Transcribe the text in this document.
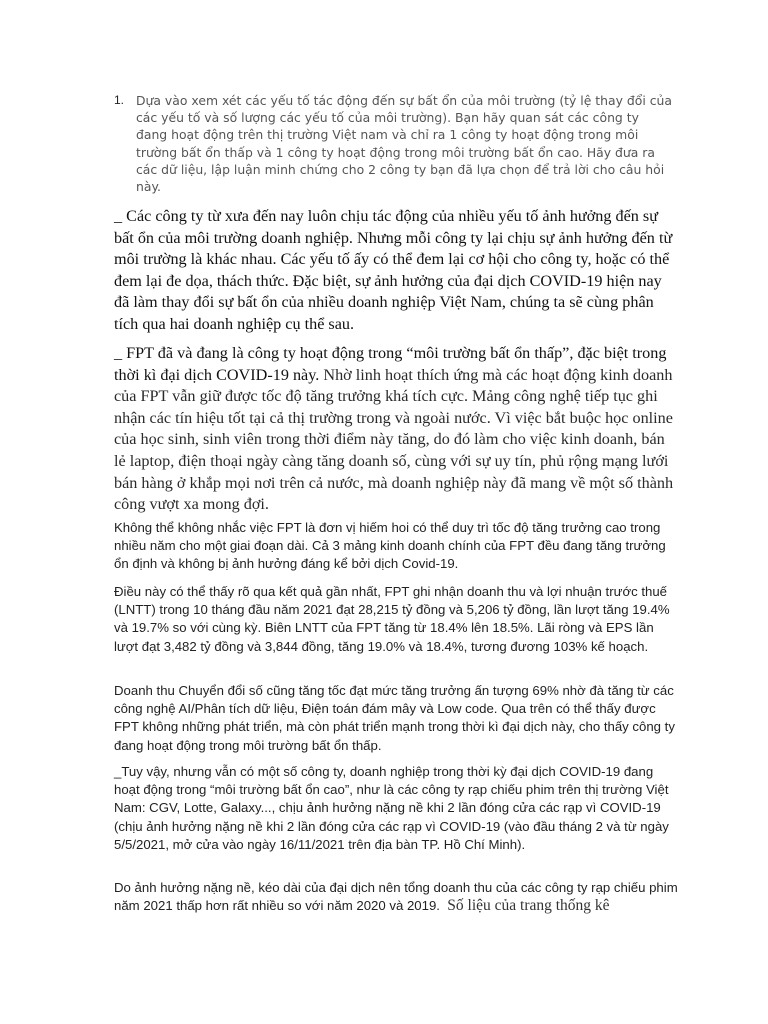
1. Dựa vào xem xét các yếu tố tác động đến sự bất ổn của môi trường (tỷ lệ thay đổi của các yếu tố và số lượng các yếu tố của môi trường). Bạn hãy quan sát các công ty đang hoạt động trên thị trường Việt nam và chỉ ra 1 công ty hoạt động trong môi trường bất ổn thấp và 1 công ty hoạt động trong môi trường bất ổn cao. Hãy đưa ra các dữ liệu, lập luận minh chứng cho 2 công ty bạn đã lựa chọn để trả lời cho câu hỏi này.
_ Các công ty từ xưa đến nay luôn chịu tác động của nhiều yếu tố ảnh hưởng đến sự bất ổn của môi trường doanh nghiệp. Nhưng mỗi công ty lại chịu sự ảnh hưởng đến từ môi trường là khác nhau. Các yếu tố ấy có thể đem lại cơ hội cho công ty, hoặc có thể đem lại đe dọa, thách thức. Đặc biệt, sự ảnh hưởng của đại dịch COVID-19 hiện nay đã làm thay đổi sự bất ổn của nhiều doanh nghiệp Việt Nam, chúng ta sẽ cùng phân tích qua hai doanh nghiệp cụ thể sau.
_ FPT đã và đang là công ty hoạt động trong “môi trường bất ổn thấp”, đặc biệt trong thời kì đại dịch COVID-19 này. Nhờ linh hoạt thích ứng mà các hoạt động kinh doanh của FPT vẫn giữ được tốc độ tăng trưởng khá tích cực. Mảng công nghệ tiếp tục ghi nhận các tín hiệu tốt tại cả thị trường trong và ngoài nước. Vì việc bắt buộc học online của học sinh, sinh viên trong thời điểm này tăng, do đó làm cho việc kinh doanh, bán lẻ laptop, điện thoại ngày càng tăng doanh số, cùng với sự uy tín, phủ rộng mạng lưới bán hàng ở khắp mọi nơi trên cả nước, mà doanh nghiệp này đã mang về một số thành công vượt xa mong đợi.
Không thể không nhắc việc FPT là đơn vị hiếm hoi có thể duy trì tốc độ tăng trưởng cao trong nhiều năm cho một giai đoạn dài. Cả 3 mảng kinh doanh chính của FPT đều đang tăng trưởng ổn định và không bị ảnh hưởng đáng kể bởi dịch Covid-19.
Điều này có thể thấy rõ qua kết quả gần nhất, FPT ghi nhận doanh thu và lợi nhuận trước thuế (LNTT) trong 10 tháng đầu năm 2021 đạt 28,215 tỷ đồng và 5,206 tỷ đồng, lần lượt tăng 19.4% và 19.7% so với cùng kỳ. Biên LNTT của FPT tăng từ 18.4% lên 18.5%. Lãi ròng và EPS lần lượt đạt 3,482 tỷ đồng và 3,844 đồng, tăng 19.0% và 18.4%, tương đương 103% kế hoạch.
Doanh thu Chuyển đổi số cũng tăng tốc đạt mức tăng trưởng ấn tượng 69% nhờ đà tăng từ các công nghệ AI/Phân tích dữ liệu, Điện toán đám mây và Low code. Qua trên có thể thấy được FPT không những phát triển, mà còn phát triển mạnh trong thời kì đại dịch này, cho thấy công ty đang hoạt động trong môi trường bất ổn thấp.
_Tuy vậy, nhưng vẫn có một số công ty, doanh nghiệp trong thời kỳ đại dịch COVID-19 đang hoạt động trong “môi trường bất ổn cao”, như là các công ty rạp chiếu phim trên thị trường Việt Nam: CGV, Lotte, Galaxy..., chịu ảnh hưởng nặng nề khi 2 lần đóng cửa các rạp vì COVID-19 (chịu ảnh hưởng nặng nề khi 2 lần đóng cửa các rạp vì COVID-19 (vào đầu tháng 2 và từ ngày 5/5/2021, mở cửa vào ngày 16/11/2021 trên địa bàn TP. Hồ Chí Minh).
Do ảnh hưởng nặng nề, kéo dài của đại dịch nên tổng doanh thu của các công ty rạp chiếu phim năm 2021 thấp hơn rất nhiều so với năm 2020 và 2019. Số liệu của trang thống kê
